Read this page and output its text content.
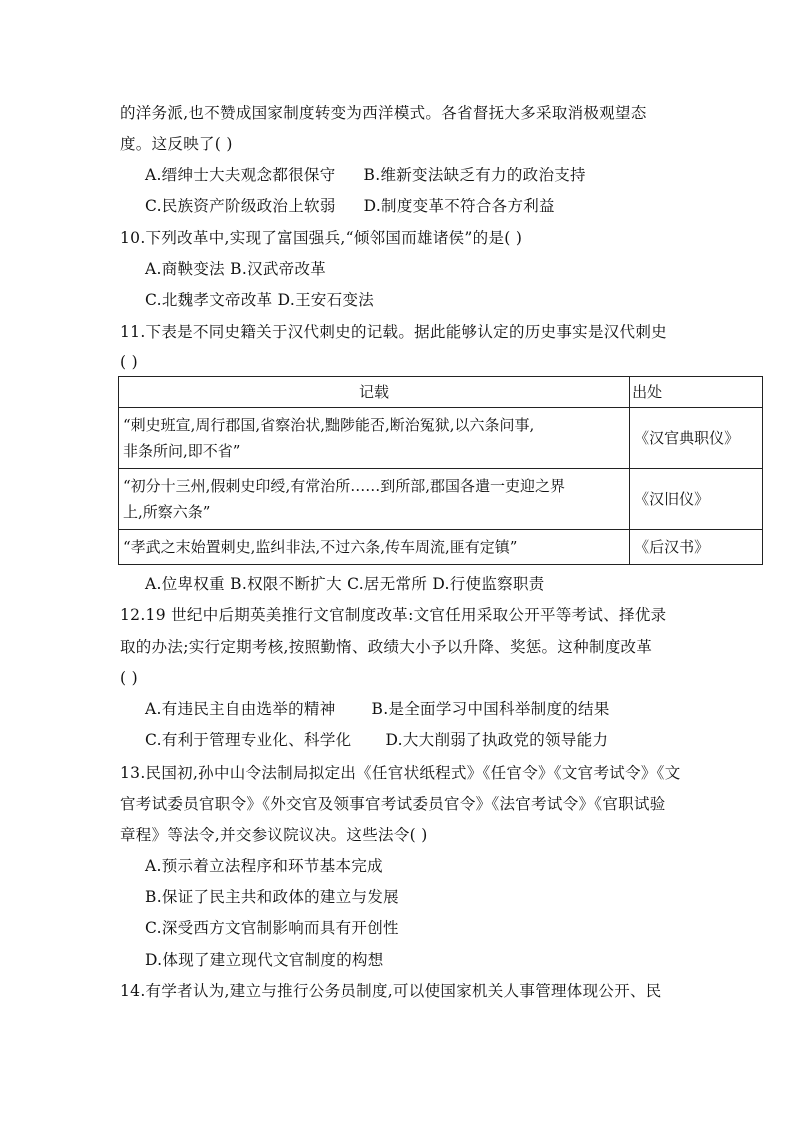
的洋务派,也不赞成国家制度转变为西洋模式。各省督抚大多采取消极观望态
度。这反映了( )
A.缙绅士大夫观念都很保守 B.维新变法缺乏有力的政治支持
C.民族资产阶级政治上软弱 D.制度变革不符合各方利益
10.下列改革中,实现了富国强兵,“倾邻国而雄诸侯”的是( )
A.商鞅变法 B.汉武帝改革
C.北魏孝文帝改革 D.王安石变法
11.下表是不同史籍关于汉代刺史的记载。据此能够认定的历史事实是汉代刺史
( )
记载	出处

“刺史班宣,周行郡国,省察治状,黜陟能否,断治冤狱,以六条问事,
非条所问,即不省”	《汉官典职仪》

“初分十三州,假刺史印绶,有常治所……到所部,郡国各遣一吏迎之界
上,所察六条”	《汉旧仪》

“孝武之末始置刺史,监纠非法,不过六条,传车周流,匪有定镇”	《后汉书》
A.位卑权重 B.权限不断扩大 C.居无常所 D.行使监察职责
12.19 世纪中后期英美推行文官制度改革:文官任用采取公开平等考试、择优录
取的办法;实行定期考核,按照勤惰、政绩大小予以升降、奖惩。这种制度改革
( )
A.有违民主自由选举的精神 B.是全面学习中国科举制度的结果
C.有利于管理专业化、科学化 D.大大削弱了执政党的领导能力
13.民国初,孙中山令法制局拟定出《任官状纸程式》《任官令》《文官考试令》《文
官考试委员官职令》《外交官及领事官考试委员官令》《法官考试令》《官职试验
章程》等法令,并交参议院议决。这些法令( )
A.预示着立法程序和环节基本完成
B.保证了民主共和政体的建立与发展
C.深受西方文官制影响而具有开创性
D.体现了建立现代文官制度的构想
14.有学者认为,建立与推行公务员制度,可以使国家机关人事管理体现公开、民
